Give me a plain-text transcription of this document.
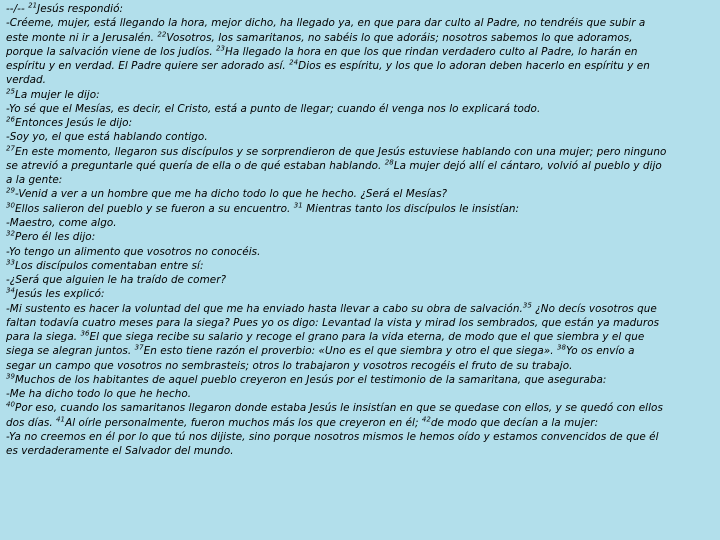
--/-- $^{21}$Jesús respondió:
-Créeme, mujer, está llegando la hora, mejor dicho, ha llegado ya, en que para dar culto al Padre, no tendréis que subir a
este monte ni ir a Jerusalén. $^{22}$Vosotros, los samaritanos, no sabéis lo que adoráis; nosotros sabemos lo que adoramos,
porque la salvación viene de los judíos. $^{23}$Ha llegado la hora en que los que rindan verdadero culto al Padre, lo harán en
espíritu y en verdad. El Padre quiere ser adorado así. $^{24}$Dios es espíritu, y los que lo adoran deben hacerlo en espíritu y en
verdad.
$^{25}$La mujer le dijo:
-Yo sé que el Mesías, es decir, el Cristo, está a punto de llegar; cuando él venga nos lo explicará todo.
$^{26}$Entonces Jesús le dijo:
-Soy yo, el que está hablando contigo.
$^{27}$En este momento, llegaron sus discípulos y se sorprendieron de que Jesús estuviese hablando con una mujer; pero ninguno
se atrevió a preguntarle qué quería de ella o de qué estaban hablando. $^{28}$La mujer dejó allí el cántaro, volvió al pueblo y dijo
a la gente:
$^{29}$-Venid a ver a un hombre que me ha dicho todo lo que he hecho. ¿Será el Mesías?
$^{30}$Ellos salieron del pueblo y se fueron a su encuentro. $^{31}$ Mientras tanto los discípulos le insistían:
-Maestro, come algo.
$^{32}$Pero él les dijo:
-Yo tengo un alimento que vosotros no conocéis.
$^{33}$Los discípulos comentaban entre sí:
-¿Será que alguien le ha traído de comer?
$^{34}$Jesús les explicó:
-Mi sustento es hacer la voluntad del que me ha enviado hasta llevar a cabo su obra de salvación.$^{35}$ ¿No decís vosotros que
faltan todavía cuatro meses para la siega? Pues yo os digo: Levantad la vista y mirad los sembrados, que están ya maduros
para la siega. $^{36}$El que siega recibe su salario y recoge el grano para la vida eterna, de modo que el que siembra y el que
siega se alegran juntos. $^{37}$En esto tiene razón el proverbio: «Uno es el que siembra y otro el que siega». $^{38}$Yo os envío a
segar un campo que vosotros no sembrasteis; otros lo trabajaron y vosotros recogéis el fruto de su trabajo.
$^{39}$Muchos de los habitantes de aquel pueblo creyeron en Jesús por el testimonio de la samaritana, que aseguraba:
-Me ha dicho todo lo que he hecho.
$^{40}$Por eso, cuando los samaritanos llegaron donde estaba Jesús le insistían en que se quedase con ellos, y se quedó con ellos
dos días. $^{41}$Al oírle personalmente, fueron muchos más los que creyeron en él; $^{42}$de modo que decían a la mujer:
-Ya no creemos en él por lo que tú nos dijiste, sino porque nosotros mismos le hemos oído y estamos convencidos de que él
es verdaderamente el Salvador del mundo.
